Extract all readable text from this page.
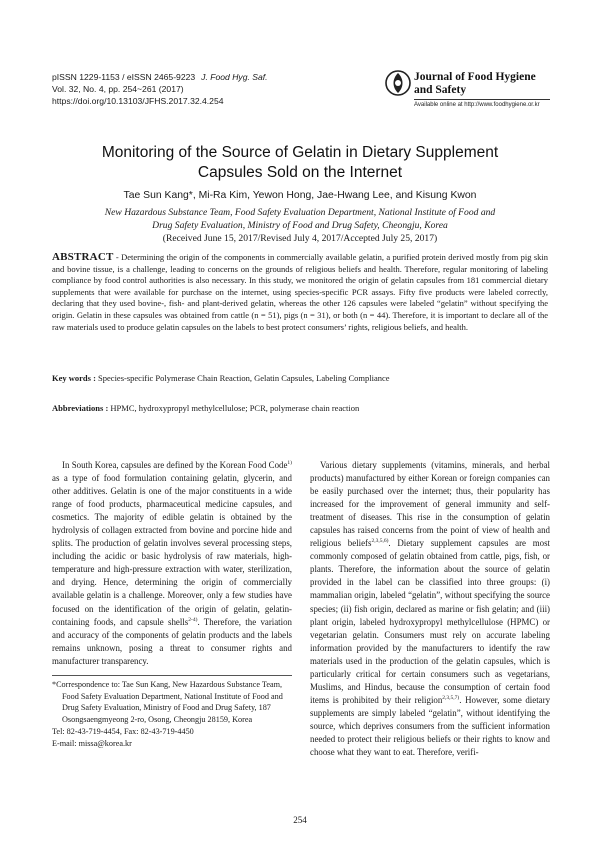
pISSN 1229-1153 / eISSN 2465-9223 J. Food Hyg. Saf.
Vol. 32, No. 4, pp. 254~261 (2017)
https://doi.org/10.13103/JFHS.2017.32.4.254
Journal of Food Hygiene
and Safety
Available online at http://www.foodhygiene.or.kr
Monitoring of the Source of Gelatin in Dietary Supplement
Capsules Sold on the Internet
Tae Sun Kang*, Mi-Ra Kim, Yewon Hong, Jae-Hwang Lee, and Kisung Kwon
New Hazardous Substance Team, Food Safety Evaluation Department, National Institute of Food and
Drug Safety Evaluation, Ministry of Food and Drug Safety, Cheongju, Korea
(Received June 15, 2017/Revised July 4, 2017/Accepted July 25, 2017)
ABSTRACT - Determining the origin of the components in commercially available gelatin, a purified protein derived mostly from pig skin and bovine tissue, is a challenge, leading to concerns on the grounds of religious beliefs and health. Therefore, regular monitoring of labeling compliance by food control authorities is also necessary. In this study, we monitored the origin of gelatin capsules from 181 commercial dietary supplements that were available for purchase on the internet, using species-specific PCR assays. Fifty five products were labeled correctly, declaring that they used bovine-, fish- and plant-derived gelatin, whereas the other 126 capsules were labeled “gelatin” without specifying the origin. Gelatin in these capsules was obtained from cattle (n = 51), pigs (n = 31), or both (n = 44). Therefore, it is important to declare all of the raw materials used to produce gelatin capsules on the labels to best protect consumers’ rights, religious beliefs, and health.
Key words : Species-specific Polymerase Chain Reaction, Gelatin Capsules, Labeling Compliance
Abbreviations : HPMC, hydroxypropyl methylcellulose; PCR, polymerase chain reaction

In South Korea, capsules are defined by the Korean Food Code$^{1)}$ as a type of food formulation containing gelatin, glycerin, and other additives. Gelatin is one of the major constituents in a wide range of food products, pharmaceutical medicine capsules, and cosmetics. The majority of edible gelatin is obtained by the hydrolysis of collagen extracted from bovine and porcine hide and splits. The production of gelatin involves several processing steps, including the acidic or basic hydrolysis of raw materials, high-temperature and high-pressure extraction with water, sterilization, and drying. Hence, determining the origin of commercially available gelatin is a challenge. Moreover, only a few studies have focused on the identification of the origin of gelatin, gelatin-containing foods, and capsule shells$^{2-4)}$. Therefore, the variation and accuracy of the components of gelatin products and the labels remains unknown, posing a threat to consumer rights and manufacturer transparency.

Various dietary supplements (vitamins, minerals, and herbal products) manufactured by either Korean or foreign companies can be easily purchased over the internet; thus, their popularity has increased for the improvement of general immunity and self-treatment of diseases. This rise in the consumption of gelatin capsules has raised concerns from the point of view of health and religious beliefs$^{2,3,5,6)}$. Dietary supplement capsules are most commonly composed of gelatin obtained from cattle, pigs, fish, or plants. Therefore, the information about the source of gelatin provided in the label can be classified into three groups: (i) mammalian origin, labeled “gelatin”, without specifying the source species; (ii) fish origin, declared as marine or fish gelatin; and (iii) plant origin, labeled hydroxypropyl methylcellulose (HPMC) or vegetarian gelatin. Consumers must rely on accurate labeling information provided by the manufacturers to identify the raw materials used in the production of the gelatin capsules, which is particularly critical for certain consumers such as vegetarians, Muslims, and Hindus, because the consumption of certain food items is prohibited by their religion$^{2,3,5,7)}$. However, some dietary supplements are simply labeled “gelatin”, without identifying the source, which deprives consumers from the sufficient information needed to protect their religious beliefs or their rights to know and choose what they want to eat. Therefore, verifi-

*Correspondence to: Tae Sun Kang, New Hazardous Substance Team, Food Safety Evaluation Department, National Institute of Food and Drug Safety Evaluation, Ministry of Food and Drug Safety, 187 Osongsaengmyeong 2-ro, Osong, Cheongju 28159, Korea

Tel: 82-43-719-4454, Fax: 82-43-719-4450

E-mail: missa@korea.kr

254
